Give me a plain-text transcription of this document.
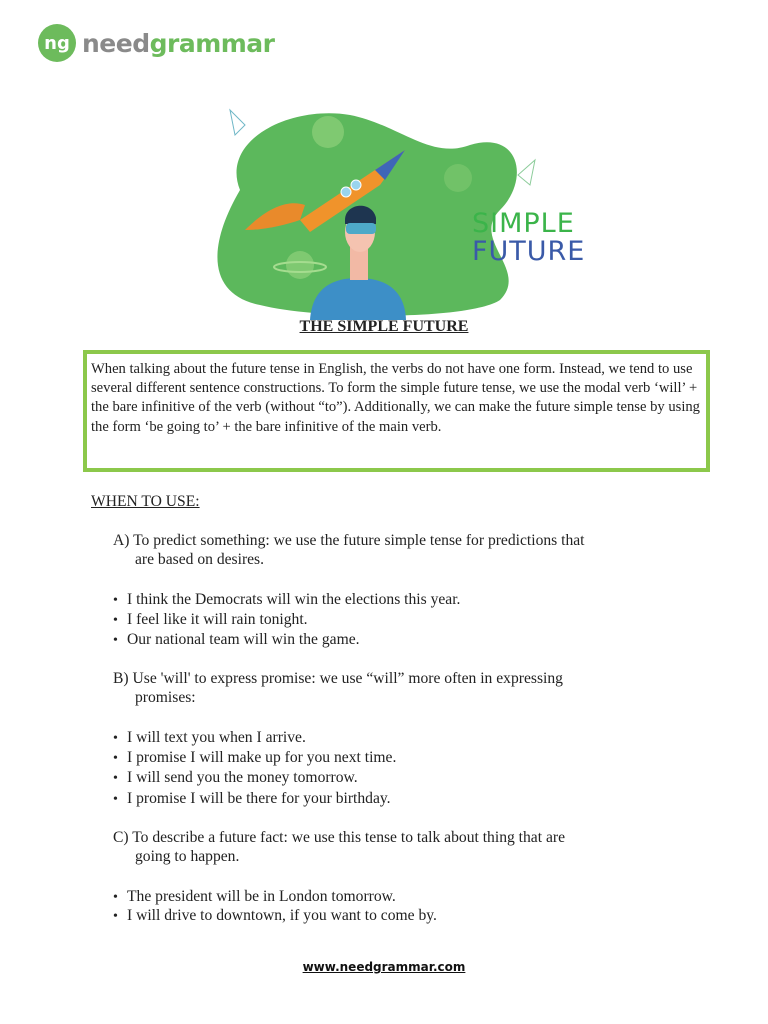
ng needgrammar
SIMPLE
FUTURE
THE SIMPLE FUTURE
When talking about the future tense in English, the verbs do not have one form. Instead, we tend to use several different sentence constructions. To form the simple future tense, we use the modal verb ‘will’ + the bare infinitive of the verb (without “to”). Additionally, we can make the future simple tense by using the form ‘be going to’ + the bare infinitive of the main verb.
WHEN TO USE:
A) To predict something: we use the future simple tense for predictions that
are based on desires.
• I think the Democrats will win the elections this year.
• I feel like it will rain tonight.
• Our national team will win the game.
B) Use 'will' to express promise: we use “will” more often in expressing
promises:
• I will text you when I arrive.
• I promise I will make up for you next time.
• I will send you the money tomorrow.
• I promise I will be there for your birthday.
C) To describe a future fact: we use this tense to talk about thing that are
going to happen.
• The president will be in London tomorrow.
• I will drive to downtown, if you want to come by.
www.needgrammar.com
